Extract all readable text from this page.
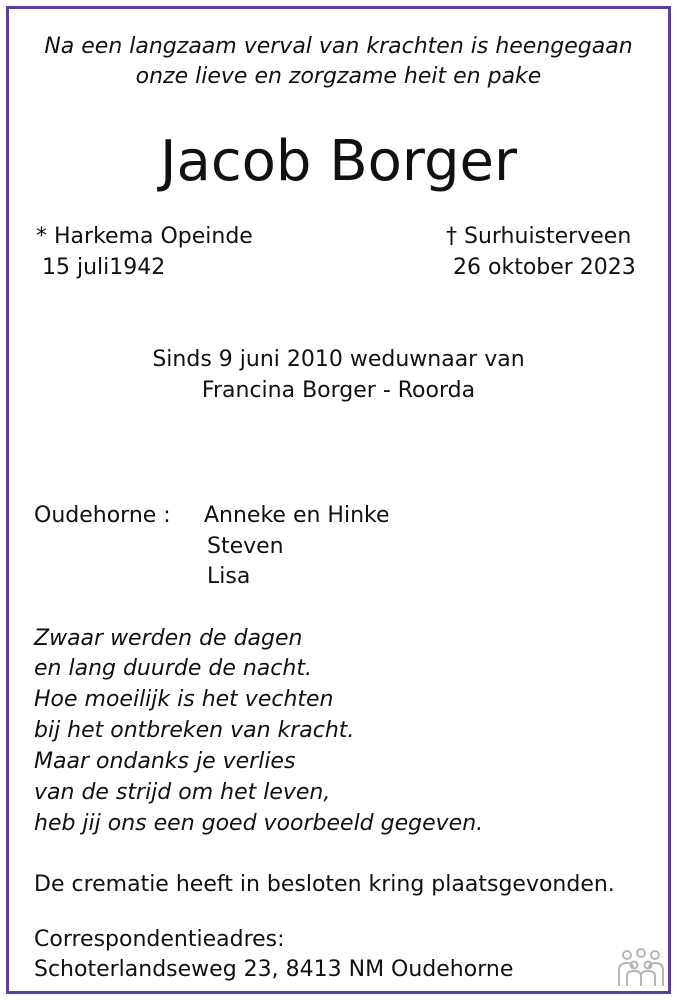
Na een langzaam verval van krachten is heengegaan
onze lieve en zorgzame heit en pake
Jacob Borger
* Harkema Opeinde
15 juli1942
† Surhuisterveen
26 oktober 2023
Sinds 9 juni 2010 weduwnaar van
Francina Borger - Roorda
Oudehorne : Anneke en Hinke
Steven
Lisa
Zwaar werden de dagen
en lang duurde de nacht.
Hoe moeilijk is het vechten
bij het ontbreken van kracht.
Maar ondanks je verlies
van de strijd om het leven,
heb jij ons een goed voorbeeld gegeven.
De crematie heeft in besloten kring plaatsgevonden.
Correspondentieadres:
Schoterlandseweg 23, 8413 NM Oudehorne
